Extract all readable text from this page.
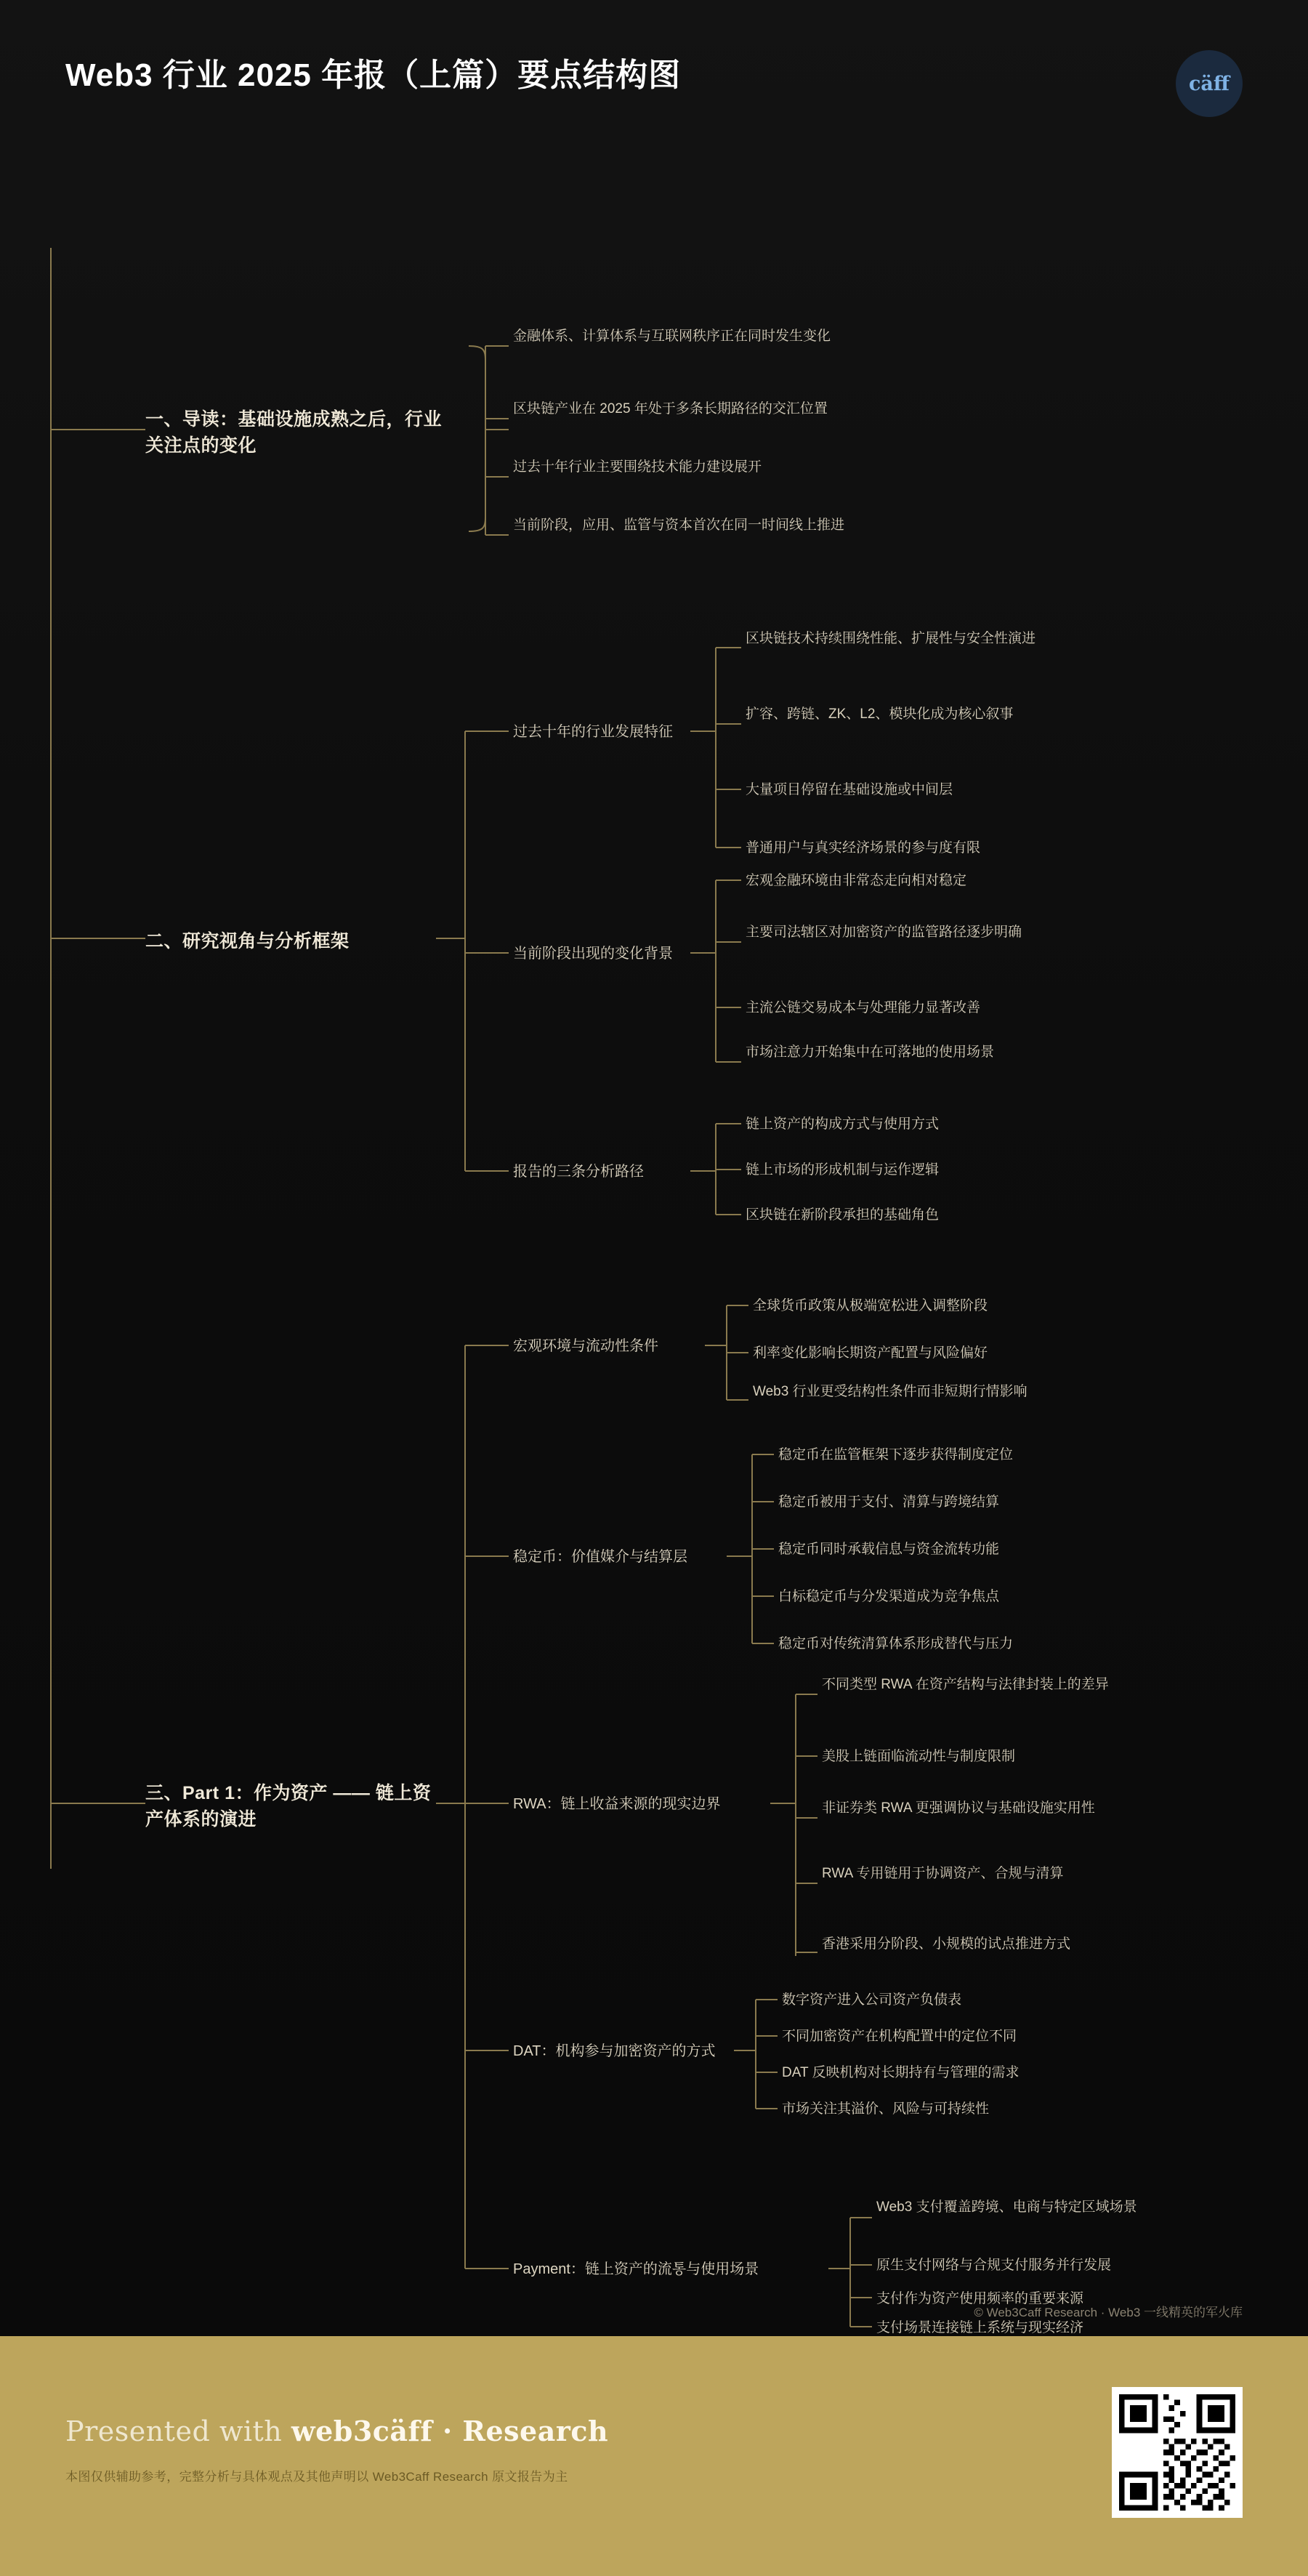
Web3 行业 2025 年报（上篇）要点结构图	cäff
一、导读：基础设施成熟之后，行业关注点的变化
金融体系、计算体系与互联网秩序正在同时发生变化
区块链产业在 2025 年处于多条长期路径的交汇位置
过去十年行业主要围绕技术能力建设展开
当前阶段，应用、监管与资本首次在同一时间线上推进
二、研究视角与分析框架
过去十年的行业发展特征
区块链技术持续围绕性能、扩展性与安全性演进
扩容、跨链、ZK、L2、模块化成为核心叙事
大量项目停留在基础设施或中间层
普通用户与真实经济场景的参与度有限
当前阶段出现的变化背景
宏观金融环境由非常态走向相对稳定
主要司法辖区对加密资产的监管路径逐步明确
主流公链交易成本与处理能力显著改善
市场注意力开始集中在可落地的使用场景
报告的三条分析路径
链上资产的构成方式与使用方式
链上市场的形成机制与运作逻辑
区块链在新阶段承担的基础角色
三、Part 1：作为资产 —— 链上资产体系的演进
宏观环境与流动性条件
全球货币政策从极端宽松进入调整阶段
利率变化影响长期资产配置与风险偏好
Web3 行业更受结构性条件而非短期行情影响
稳定币：价值媒介与结算层
稳定币在监管框架下逐步获得制度定位
稳定币被用于支付、清算与跨境结算
稳定币同时承载信息与资金流转功能
白标稳定币与分发渠道成为竞争焦点
稳定币对传统清算体系形成替代与压力
RWA：链上收益来源的现实边界
不同类型 RWA 在资产结构与法律封装上的差异
美股上链面临流动性与制度限制
非证券类 RWA 更强调协议与基础设施实用性
RWA 专用链用于协调资产、合规与清算
香港采用分阶段、小规模的试点推进方式
DAT：机构参与加密资产的方式
数字资产进入公司资产负债表
不同加密资产在机构配置中的定位不同
DAT 反映机构对长期持有与管理的需求
市场关注其溢价、风险与可持续性
Payment：链上资产的流통与使用场景
Web3 支付覆盖跨境、电商与特定区域场景
原生支付网络与合规支付服务并行发展
支付作为资产使用频率的重要来源
支付场景连接链上系统与现实经济
© Web3Caff Research · Web3 一线精英的军火库
Presented with web3cäff · Research
本图仅供辅助参考，完整分析与具体观点及其他声明以 Web3Caff Research 原文报告为主
